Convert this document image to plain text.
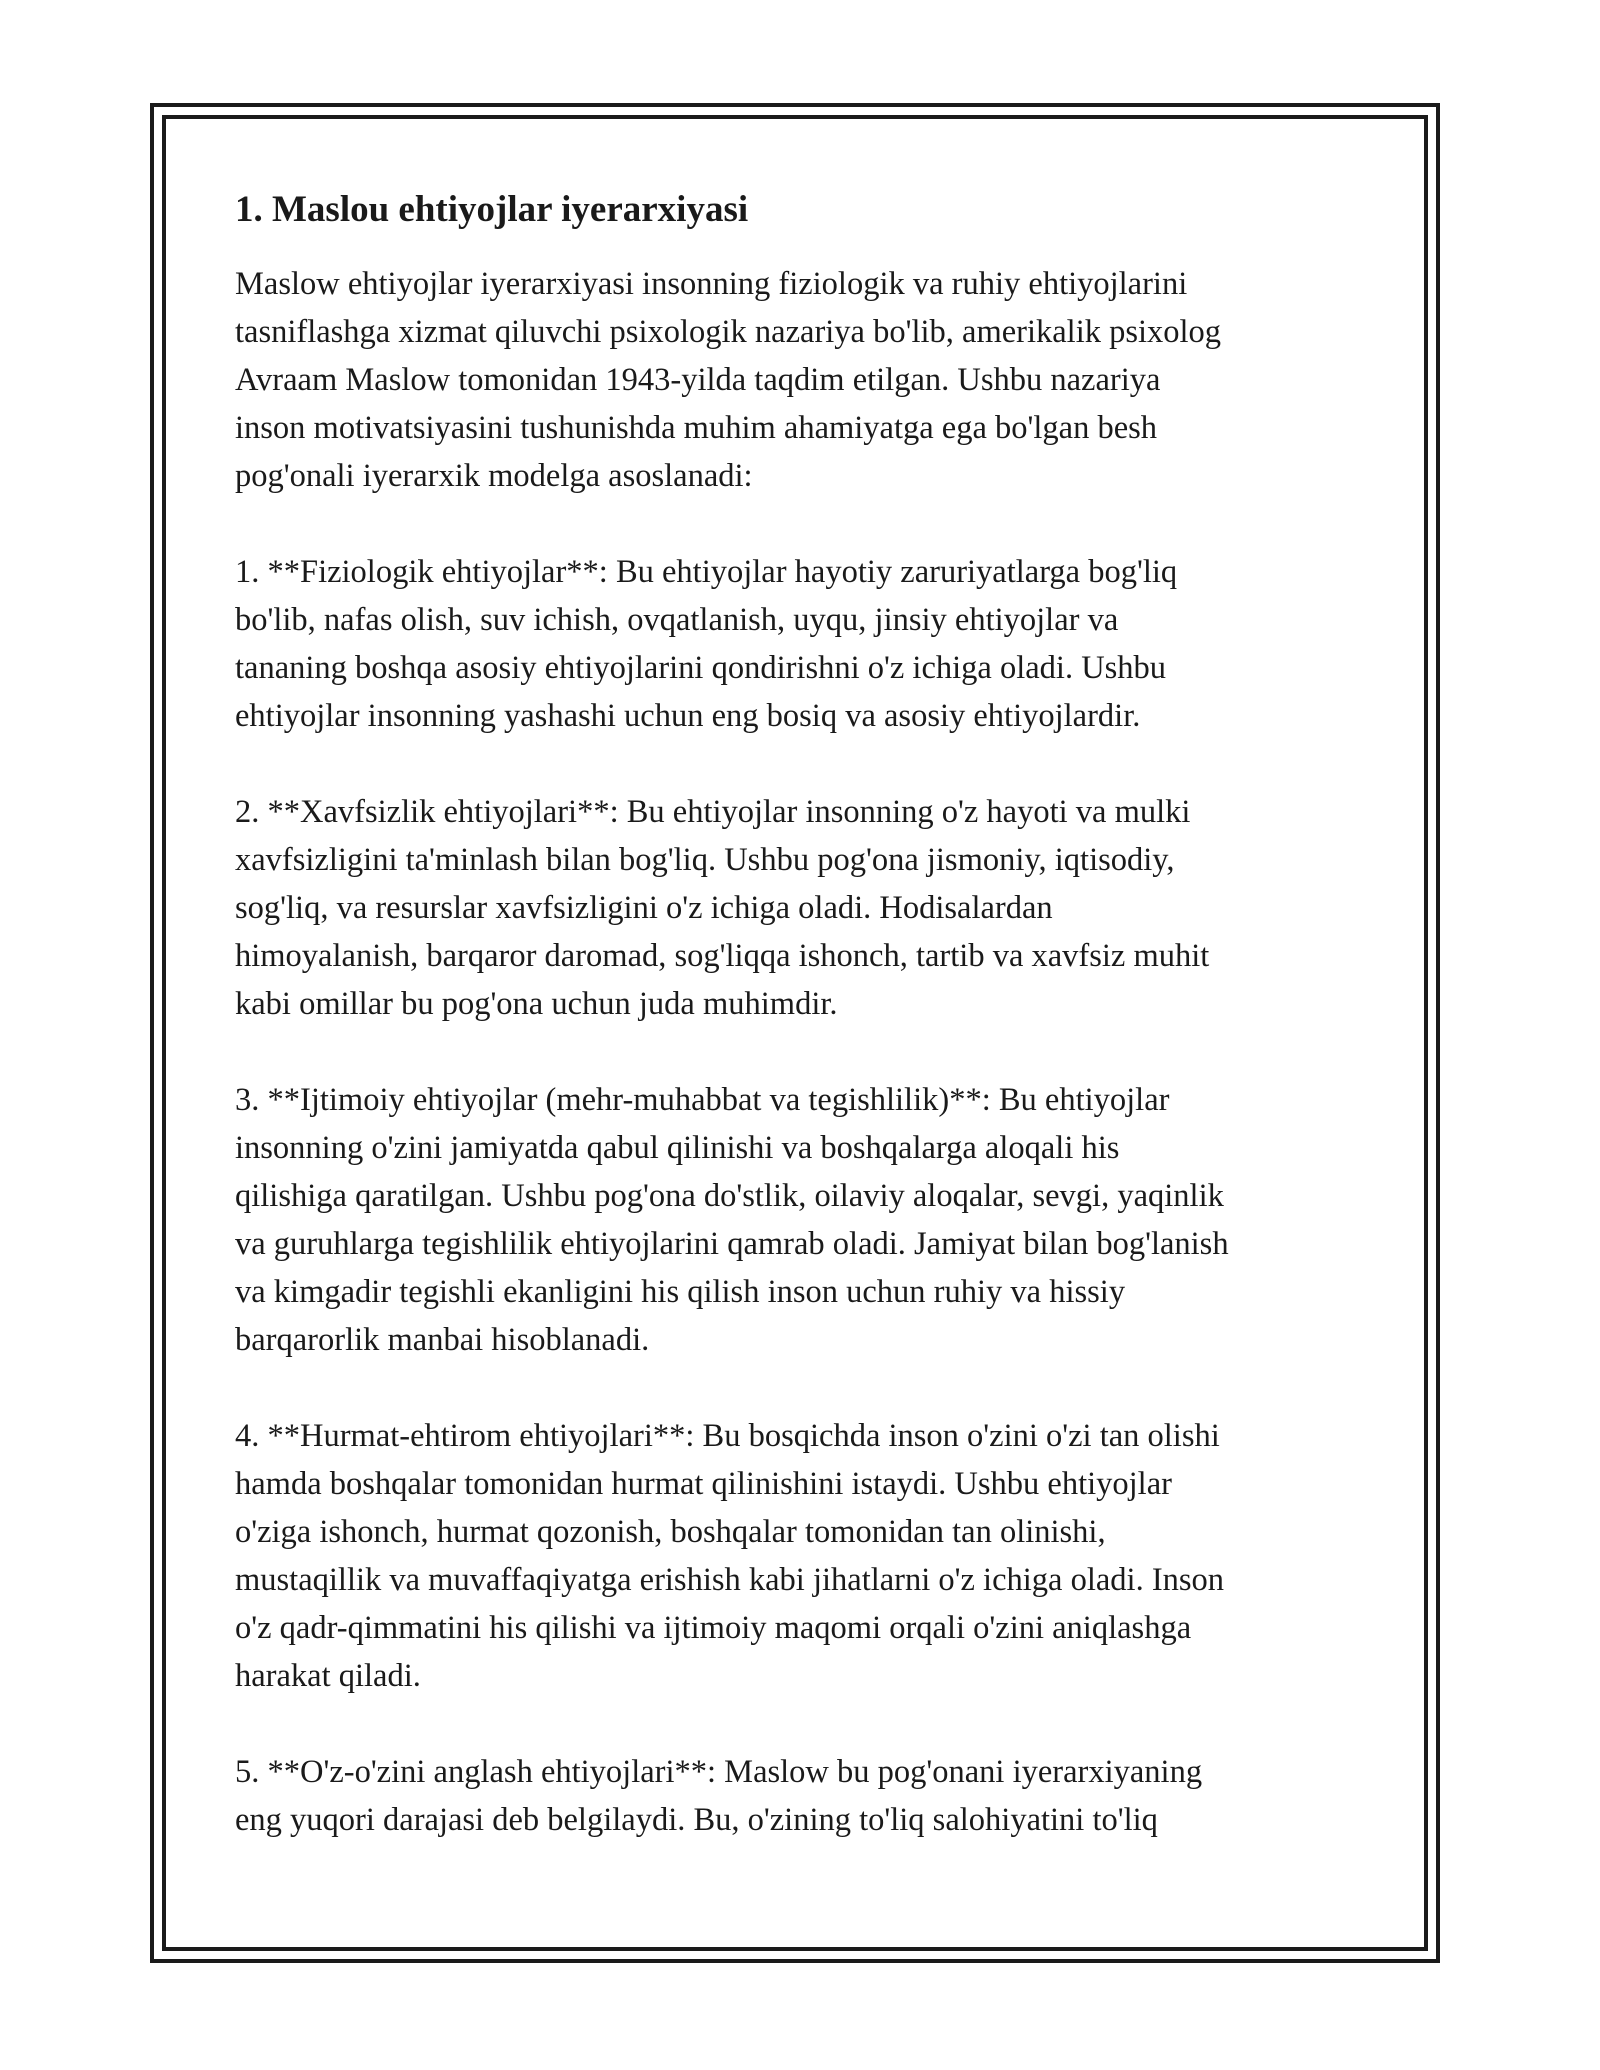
1. Maslou ehtiyojlar iyerarxiyasi

Maslow ehtiyojlar iyerarxiyasi insonning fiziologik va ruhiy ehtiyojlarini
tasniflashga xizmat qiluvchi psixologik nazariya bo'lib, amerikalik psixolog
Avraam Maslow tomonidan 1943-yilda taqdim etilgan. Ushbu nazariya
inson motivatsiyasini tushunishda muhim ahamiyatga ega bo'lgan besh
pog'onali iyerarxik modelga asoslanadi:

1. **Fiziologik ehtiyojlar**: Bu ehtiyojlar hayotiy zaruriyatlarga bog'liq
bo'lib, nafas olish, suv ichish, ovqatlanish, uyqu, jinsiy ehtiyojlar va
tananing boshqa asosiy ehtiyojlarini qondirishni o'z ichiga oladi. Ushbu
ehtiyojlar insonning yashashi uchun eng bosiq va asosiy ehtiyojlardir.

2. **Xavfsizlik ehtiyojlari**: Bu ehtiyojlar insonning o'z hayoti va mulki
xavfsizligini ta'minlash bilan bog'liq. Ushbu pog'ona jismoniy, iqtisodiy,
sog'liq, va resurslar xavfsizligini o'z ichiga oladi. Hodisalardan
himoyalanish, barqaror daromad, sog'liqqa ishonch, tartib va xavfsiz muhit
kabi omillar bu pog'ona uchun juda muhimdir.

3. **Ijtimoiy ehtiyojlar (mehr-muhabbat va tegishlilik)**: Bu ehtiyojlar
insonning o'zini jamiyatda qabul qilinishi va boshqalarga aloqali his
qilishiga qaratilgan. Ushbu pog'ona do'stlik, oilaviy aloqalar, sevgi, yaqinlik
va guruhlarga tegishlilik ehtiyojlarini qamrab oladi. Jamiyat bilan bog'lanish
va kimgadir tegishli ekanligini his qilish inson uchun ruhiy va hissiy
barqarorlik manbai hisoblanadi.

4. **Hurmat-ehtirom ehtiyojlari**: Bu bosqichda inson o'zini o'zi tan olishi
hamda boshqalar tomonidan hurmat qilinishini istaydi. Ushbu ehtiyojlar
o'ziga ishonch, hurmat qozonish, boshqalar tomonidan tan olinishi,
mustaqillik va muvaffaqiyatga erishish kabi jihatlarni o'z ichiga oladi. Inson
o'z qadr-qimmatini his qilishi va ijtimoiy maqomi orqali o'zini aniqlashga
harakat qiladi.

5. **O'z-o'zini anglash ehtiyojlari**: Maslow bu pog'onani iyerarxiyaning
eng yuqori darajasi deb belgilaydi. Bu, o'zining to'liq salohiyatini to'liq
